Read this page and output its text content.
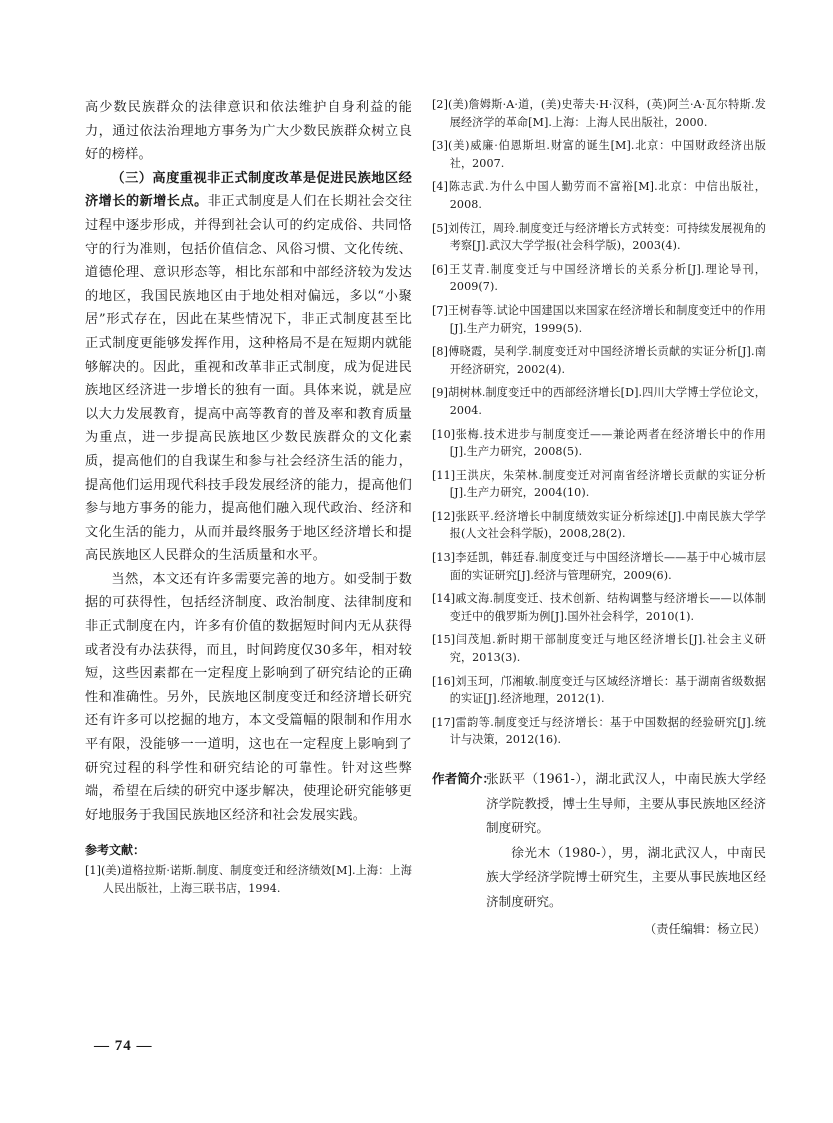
高少数民族群众的法律意识和依法维护自身利益的能力，通过依法治理地方事务为广大少数民族群众树立良好的榜样。

（三）高度重视非正式制度改革是促进民族地区经济增长的新增长点。非正式制度是人们在长期社会交往过程中逐步形成，并得到社会认可的约定成俗、共同恪守的行为准则，包括价值信念、风俗习惯、文化传统、道德伦理、意识形态等，相比东部和中部经济较为发达的地区，我国民族地区由于地处相对偏远，多以“小聚居”形式存在，因此在某些情况下，非正式制度甚至比正式制度更能够发挥作用，这种格局不是在短期内就能够解决的。因此，重视和改革非正式制度，成为促进民族地区经济进一步增长的独有一面。具体来说，就是应以大力发展教育，提高中高等教育的普及率和教育质量为重点，进一步提高民族地区少数民族群众的文化素质，提高他们的自我谋生和参与社会经济生活的能力，提高他们运用现代科技手段发展经济的能力，提高他们参与地方事务的能力，提高他们融入现代政治、经济和文化生活的能力，从而并最终服务于地区经济增长和提高民族地区人民群众的生活质量和水平。

当然，本文还有许多需要完善的地方。如受制于数据的可获得性，包括经济制度、政治制度、法律制度和非正式制度在内，许多有价值的数据短时间内无从获得或者没有办法获得，而且，时间跨度仅30多年，相对较短，这些因素都在一定程度上影响到了研究结论的正确性和准确性。另外，民族地区制度变迁和经济增长研究还有许多可以挖掘的地方，本文受篇幅的限制和作用水平有限，没能够一一道明，这也在一定程度上影响到了研究过程的科学性和研究结论的可靠性。针对这些弊端，希望在后续的研究中逐步解决，使理论研究能够更好地服务于我国民族地区经济和社会发展实践。

参考文献：
[1](美)道格拉斯·诺斯.制度、制度变迁和经济绩效[M].上海：上海人民出版社，上海三联书店，1994.
[2](美)詹姆斯·A·道，(美)史蒂夫·H·汉科，(英)阿兰·A·瓦尔特斯.发展经济学的革命[M].上海：上海人民出版社，2000.
[3](美)威廉·伯恩斯坦.财富的诞生[M].北京：中国财政经济出版社，2007.
[4]陈志武.为什么中国人勤劳而不富裕[M].北京：中信出版社，2008.
[5]刘传江，周玲.制度变迁与经济增长方式转变：可持续发展视角的考察[J].武汉大学学报(社会科学版)，2003(4).
[6]王艾青.制度变迁与中国经济增长的关系分析[J].理论导刊，2009(7).
[7]王树春等.试论中国建国以来国家在经济增长和制度变迁中的作用[J].生产力研究，1999(5).
[8]傅晓霞，吴利学.制度变迁对中国经济增长贡献的实证分析[J].南开经济研究，2002(4).
[9]胡树林.制度变迁中的西部经济增长[D].四川大学博士学位论文，2004.
[10]张梅.技术进步与制度变迁——兼论两者在经济增长中的作用[J].生产力研究，2008(5).
[11]王洪庆，朱荣林.制度变迁对河南省经济增长贡献的实证分析[J].生产力研究，2004(10).
[12]张跃平.经济增长中制度绩效实证分析综述[J].中南民族大学学报(人文社会科学版)，2008,28(2).
[13]李廷凯，韩廷春.制度变迁与中国经济增长——基于中心城市层面的实证研究[J].经济与管理研究，2009(6).
[14]戚文海.制度变迁、技术创新、结构调整与经济增长——以体制变迁中的俄罗斯为例[J].国外社会科学，2010(1).
[15]闫茂旭.新时期干部制度变迁与地区经济增长[J].社会主义研究，2013(3).
[16]刘玉珂，邝湘敏.制度变迁与区域经济增长：基于湖南省级数据的实证[J].经济地理，2012(1).
[17]雷韵等.制度变迁与经济增长：基于中国数据的经验研究[J].统计与决策，2012(16).
作者简介：
张跃平（1961-），湖北武汉人，中南民族大学经济学院教授，博士生导师，主要从事民族地区经济制度研究。
徐光木（1980-），男，湖北武汉人，中南民族大学经济学院博士研究生，主要从事民族地区经济制度研究。
（责任编辑：杨立民）
— 74 —
